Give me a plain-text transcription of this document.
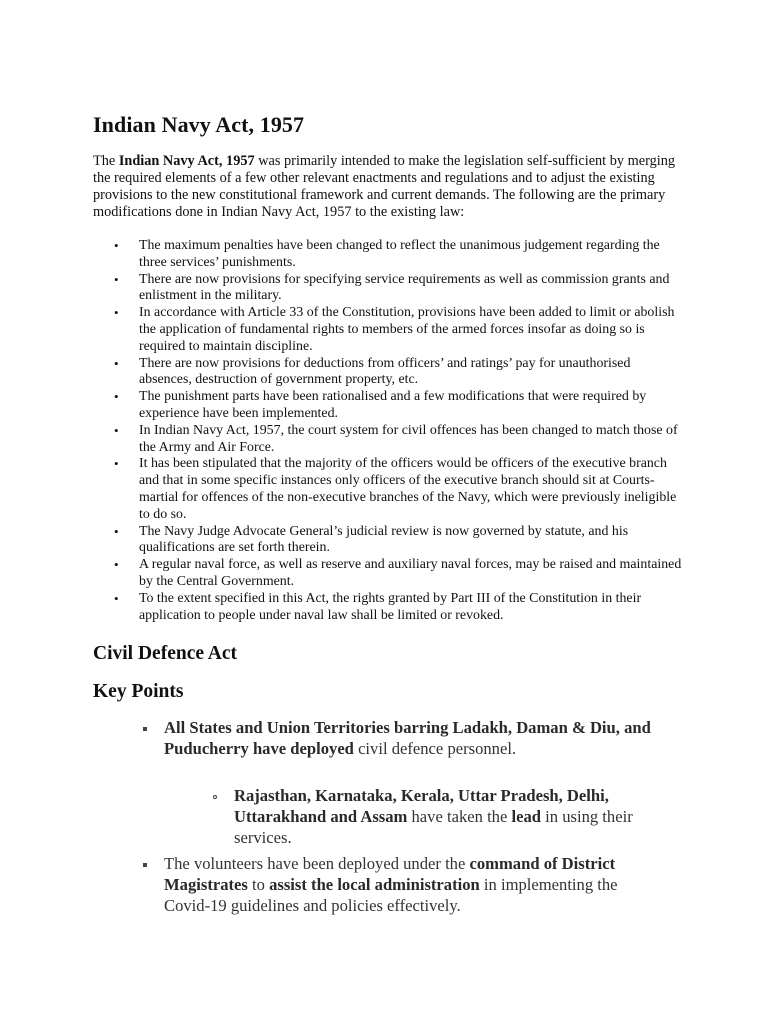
Indian Navy Act, 1957

The Indian Navy Act, 1957 was primarily intended to make the legislation self-sufficient by merging the required elements of a few other relevant enactments and regulations and to adjust the existing provisions to the new constitutional framework and current demands. The following are the primary modifications done in Indian Navy Act, 1957 to the existing law:

• The maximum penalties have been changed to reflect the unanimous judgement regarding the three services’ punishments.
• There are now provisions for specifying service requirements as well as commission grants and enlistment in the military.
• In accordance with Article 33 of the Constitution, provisions have been added to limit or abolish the application of fundamental rights to members of the armed forces insofar as doing so is required to maintain discipline.
• There are now provisions for deductions from officers’ and ratings’ pay for unauthorised absences, destruction of government property, etc.
• The punishment parts have been rationalised and a few modifications that were required by experience have been implemented.
• In Indian Navy Act, 1957, the court system for civil offences has been changed to match those of the Army and Air Force.
• It has been stipulated that the majority of the officers would be officers of the executive branch and that in some specific instances only officers of the executive branch should sit at Courts-martial for offences of the non-executive branches of the Navy, which were previously ineligible to do so.
• The Navy Judge Advocate General’s judicial review is now governed by statute, and his qualifications are set forth therein.
• A regular naval force, as well as reserve and auxiliary naval forces, may be raised and maintained by the Central Government.
• To the extent specified in this Act, the rights granted by Part III of the Constitution in their application to people under naval law shall be limited or revoked.
Civil Defence Act
Key Points
All States and Union Territories barring Ladakh, Daman & Diu, and Puducherry have deployed civil defence personnel.
Rajasthan, Karnataka, Kerala, Uttar Pradesh, Delhi, Uttarakhand and Assam have taken the lead in using their services.
The volunteers have been deployed under the command of District Magistrates to assist the local administration in implementing the Covid-19 guidelines and policies effectively.
